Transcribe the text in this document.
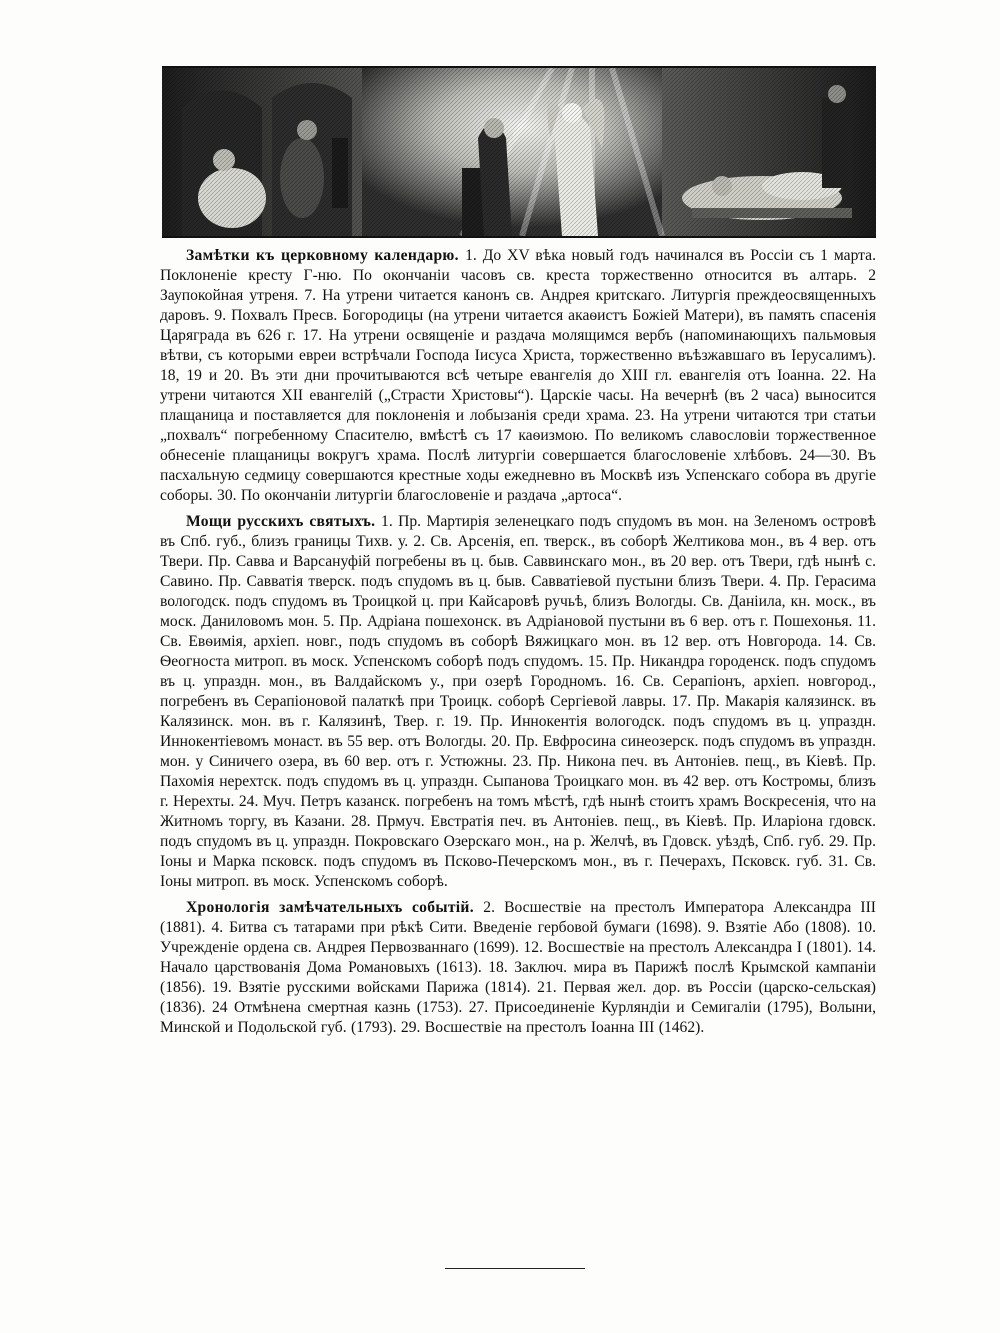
Замѣтки къ церковному календарю. 1. До XV вѣка новый годъ начинался въ Россіи съ 1 марта. Поклоненіе кресту Г-ню. По окончаніи часовъ св. креста торжественно относится въ алтарь. 2 Заупокойная утреня. 7. На утрени читается канонъ св. Андрея критскаго. Литургія преждеосвященныхъ даровъ. 9. Похвалъ Пресв. Богородицы (на утрени читается акаѳистъ Божіей Матери), въ память спасенія Царяграда въ 626 г. 17. На утрени освященіе и раздача молящимся вербъ (напоминающихъ пальмовыя вѣтви, съ которыми евреи встрѣчали Господа Іисуса Христа, торжественно въѣзжавшаго въ Іерусалимъ). 18, 19 и 20. Въ эти дни прочитываются всѣ четыре евангелія до XIII гл. евангелія отъ Іоанна. 22. На утрени читаются XII евангелій („Страсти Христовы“). Царскіе часы. На вечернѣ (въ 2 часа) выносится плащаница и поставляется для поклоненія и лобызанія среди храма. 23. На утрени читаются три статьи „похвалъ“ погребенному Спасителю, вмѣстѣ съ 17 каѳизмою. По великомъ славословіи торжественное обнесеніе плащаницы вокругъ храма. Послѣ литургіи совершается благословеніе хлѣбовъ. 24—30. Въ пасхальную седмицу совершаются крестные ходы ежедневно въ Москвѣ изъ Успенскаго собора въ другіе соборы. 30. По окончаніи литургіи благословеніе и раздача „артоса“.

Мощи русскихъ святыхъ. 1. Пр. Мартирія зеленецкаго подъ спудомъ въ мон. на Зеленомъ островѣ въ Спб. губ., близъ границы Тихв. у. 2. Св. Арсенія, еп. тверск., въ соборѣ Желтикова мон., въ 4 вер. отъ Твери. Пр. Савва и Варсануфій погребены въ ц. быв. Саввинскаго мон., въ 20 вер. отъ Твери, гдѣ нынѣ с. Савино. Пр. Савватія тверск. подъ спудомъ въ ц. быв. Савватіевой пустыни близъ Твери. 4. Пр. Герасима вологодск. подъ спудомъ въ Троицкой ц. при Кайсаровѣ ручьѣ, близъ Вологды. Св. Даніила, кн. моск., въ моск. Даниловомъ мон. 5. Пр. Адріана пошехонск. въ Адріановой пустыни въ 6 вер. отъ г. Пошехонья. 11. Св. Евѳимія, архіеп. новг., подъ спудомъ въ соборѣ Вяжицкаго мон. въ 12 вер. отъ Новгорода. 14. Св. Ѳеогноста митроп. въ моск. Успенскомъ соборѣ подъ спудомъ. 15. Пр. Никандра городенск. подъ спудомъ въ ц. упраздн. мон., въ Валдайскомъ у., при озерѣ Городномъ. 16. Св. Серапіонъ, архіеп. новгород., погребенъ въ Серапіоновой палаткѣ при Троицк. соборѣ Сергіевой лавры. 17. Пр. Макарія калязинск. въ Калязинск. мон. въ г. Калязинѣ, Твер. г. 19. Пр. Иннокентія вологодск. подъ спудомъ въ ц. упраздн. Иннокентіевомъ монаст. въ 55 вер. отъ Вологды. 20. Пр. Евфросина синеозерск. подъ спудомъ въ упраздн. мон. у Синичего озера, въ 60 вер. отъ г. Устюжны. 23. Пр. Никона печ. въ Антоніев. пещ., въ Кіевѣ. Пр. Пахомія нерехтск. подъ спудомъ въ ц. упраздн. Сыпанова Троицкаго мон. въ 42 вер. отъ Костромы, близъ г. Нерехты. 24. Муч. Петръ казанск. погребенъ на томъ мѣстѣ, гдѣ нынѣ стоитъ храмъ Воскресенія, что на Житномъ торгу, въ Казани. 28. Прмуч. Евстратія печ. въ Антоніев. пещ., въ Кіевѣ. Пр. Иларіона гдовск. подъ спудомъ въ ц. упраздн. Покровскаго Озерскаго мон., на р. Желчѣ, въ Гдовск. уѣздѣ, Спб. губ. 29. Пр. Іоны и Марка псковск. подъ спудомъ въ Псково-Печерскомъ мон., въ г. Печерахъ, Псковск. губ. 31. Св. Іоны митроп. въ моск. Успенскомъ соборѣ.

Хронологія замѣчательныхъ событій. 2. Восшествіе на престолъ Императора Александра III (1881). 4. Битва съ татарами при рѣкѣ Сити. Введеніе гербовой бумаги (1698). 9. Взятіе Або (1808). 10. Учрежденіе ордена св. Андрея Первозваннаго (1699). 12. Восшествіе на престолъ Александра I (1801). 14. Начало царствованія Дома Романовыхъ (1613). 18. Заключ. мира въ Парижѣ послѣ Крымской кампаніи (1856). 19. Взятіе русскими войсками Парижа (1814). 21. Первая жел. дор. въ Россіи (царско-сельская) (1836). 24 Отмѣнена смертная казнь (1753). 27. Присоединеніе Курляндіи и Семигаліи (1795), Волыни, Минской и Подольской губ. (1793). 29. Восшествіе на престолъ Іоанна III (1462).
